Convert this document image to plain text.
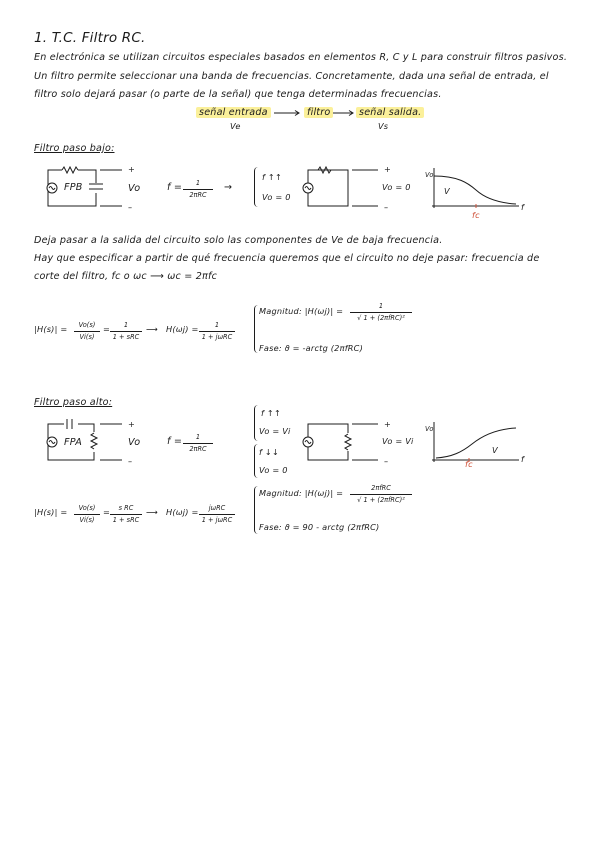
1. T.C. Filtro RC.
En electrónica se utilizan circuitos especiales basados en elementos R, C y L para construir filtros pasivos.
Un filtro permite seleccionar una banda de frecuencias. Concretamente, dada una señal de entrada, el
filtro solo dejará pasar (o parte de la señal) que tenga determinadas frecuencias.
señal entrada	filtro	señal salida.
Ve	Vs
Filtro paso bajo:
FPB
+
Vo
–
f =	1
2πRC
→
f ↑↑
Vo = 0
+
Vo = 0
–
Vo
V
f
fc
Deja pasar a la salida del circuito solo las componentes de Ve de baja frecuencia.
Hay que especificar a partir de qué frecuencia queremos que el circuito no deje pasar: frecuencia de
corte del filtro, fc o ωc ⟶ ωc = 2πfc
$|H(s)| = \frac{Vo(s)}{Vi(s)}$ =	1
1 + sRC
⟶ H(ωj) =	1
1 + jωRC
Magnitud: |H(ωj)| =	1
√ 1 + (2πfRC)²
Fase: ϑ = -arctg (2πfRC)
Filtro paso alto:
FPA
+
Vo
–
f =	1
2πRC
f ↑↑
Vo = Vi
f ↓↓
Vo = 0
+
Vo = Vi
–
Vo
V
f
fc
$|H(s)| = \frac{Vo(s)}{Vi(s)}$ =	s RC
1 + sRC
⟶ H(ωj) =	jωRC
1 + jωRC
Magnitud: |H(ωj)| =	2πfRC
√ 1 + (2πfRC)²
Fase: ϑ = 90 - arctg (2πfRC)
